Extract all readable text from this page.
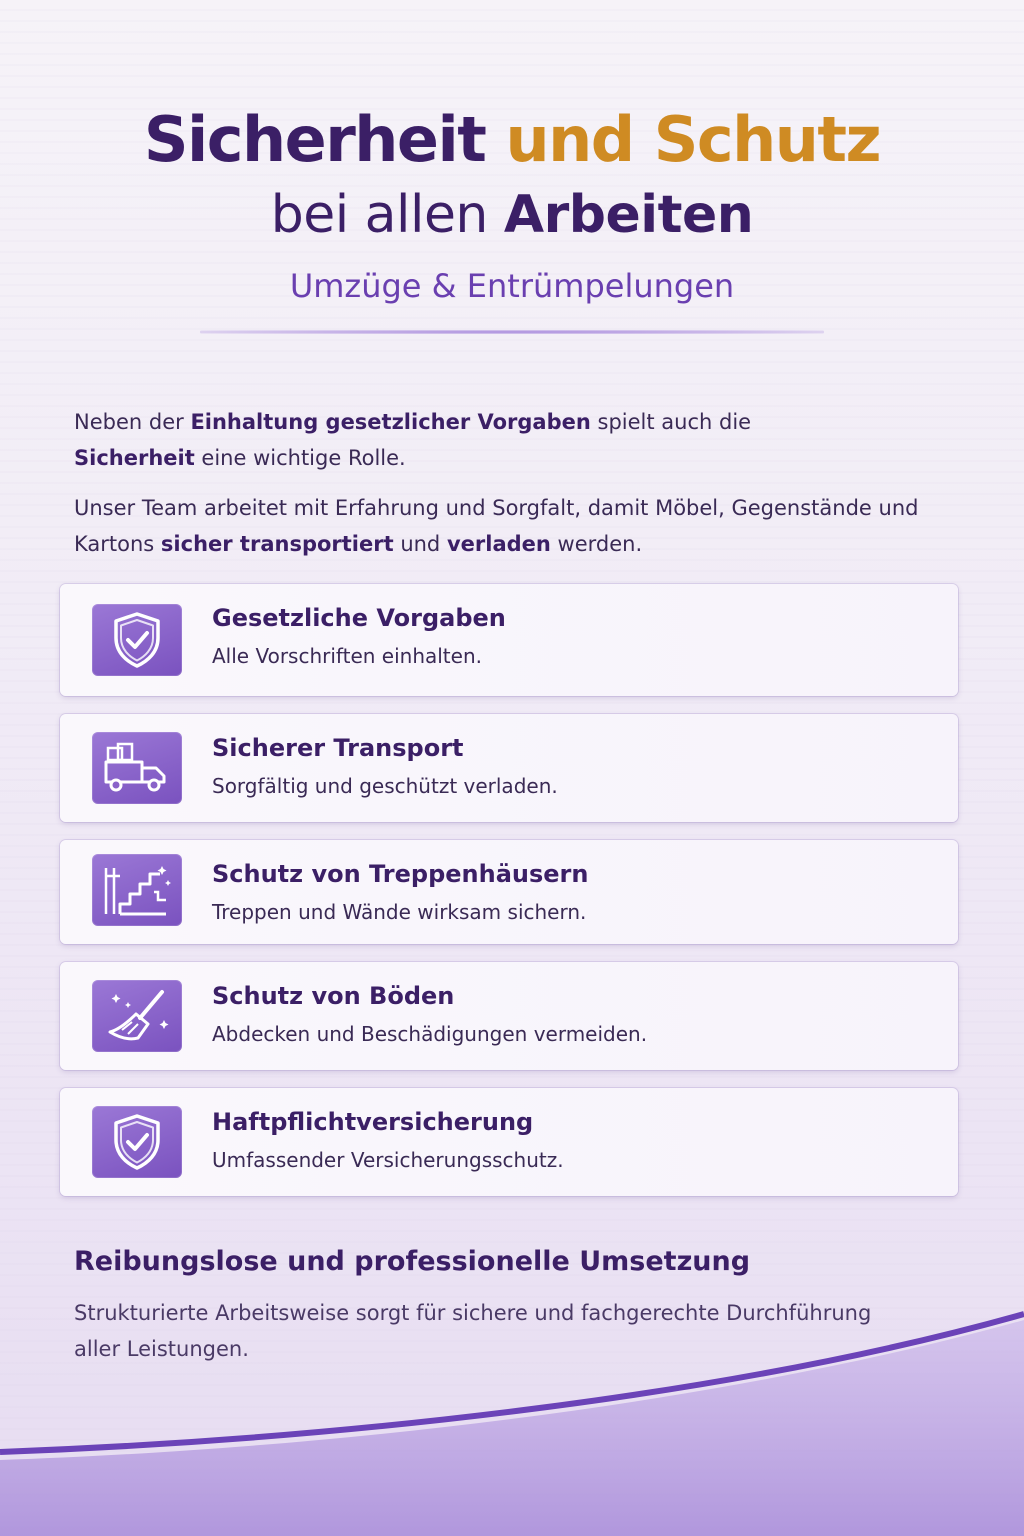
Sicherheit und Schutz
bei allen Arbeiten
Umzüge & Entrümpelungen

Neben der Einhaltung gesetzlicher Vorgaben spielt auch die
Sicherheit eine wichtige Rolle.

Unser Team arbeitet mit Erfahrung und Sorgfalt, damit Möbel, Gegenstände und Kartons sicher transportiert und verladen werden.

Gesetzliche Vorgaben
Alle Vorschriften einhalten.
Sicherer Transport
Sorgfältig und geschützt verladen.
Schutz von Treppenhäusern
Treppen und Wände wirksam sichern.
Schutz von Böden
Abdecken und Beschädigungen vermeiden.
Haftpflichtversicherung
Umfassender Versicherungsschutz.
Reibungslose und professionelle Umsetzung
Strukturierte Arbeitsweise sorgt für sichere und fachgerechte Durchführung aller Leistungen.
